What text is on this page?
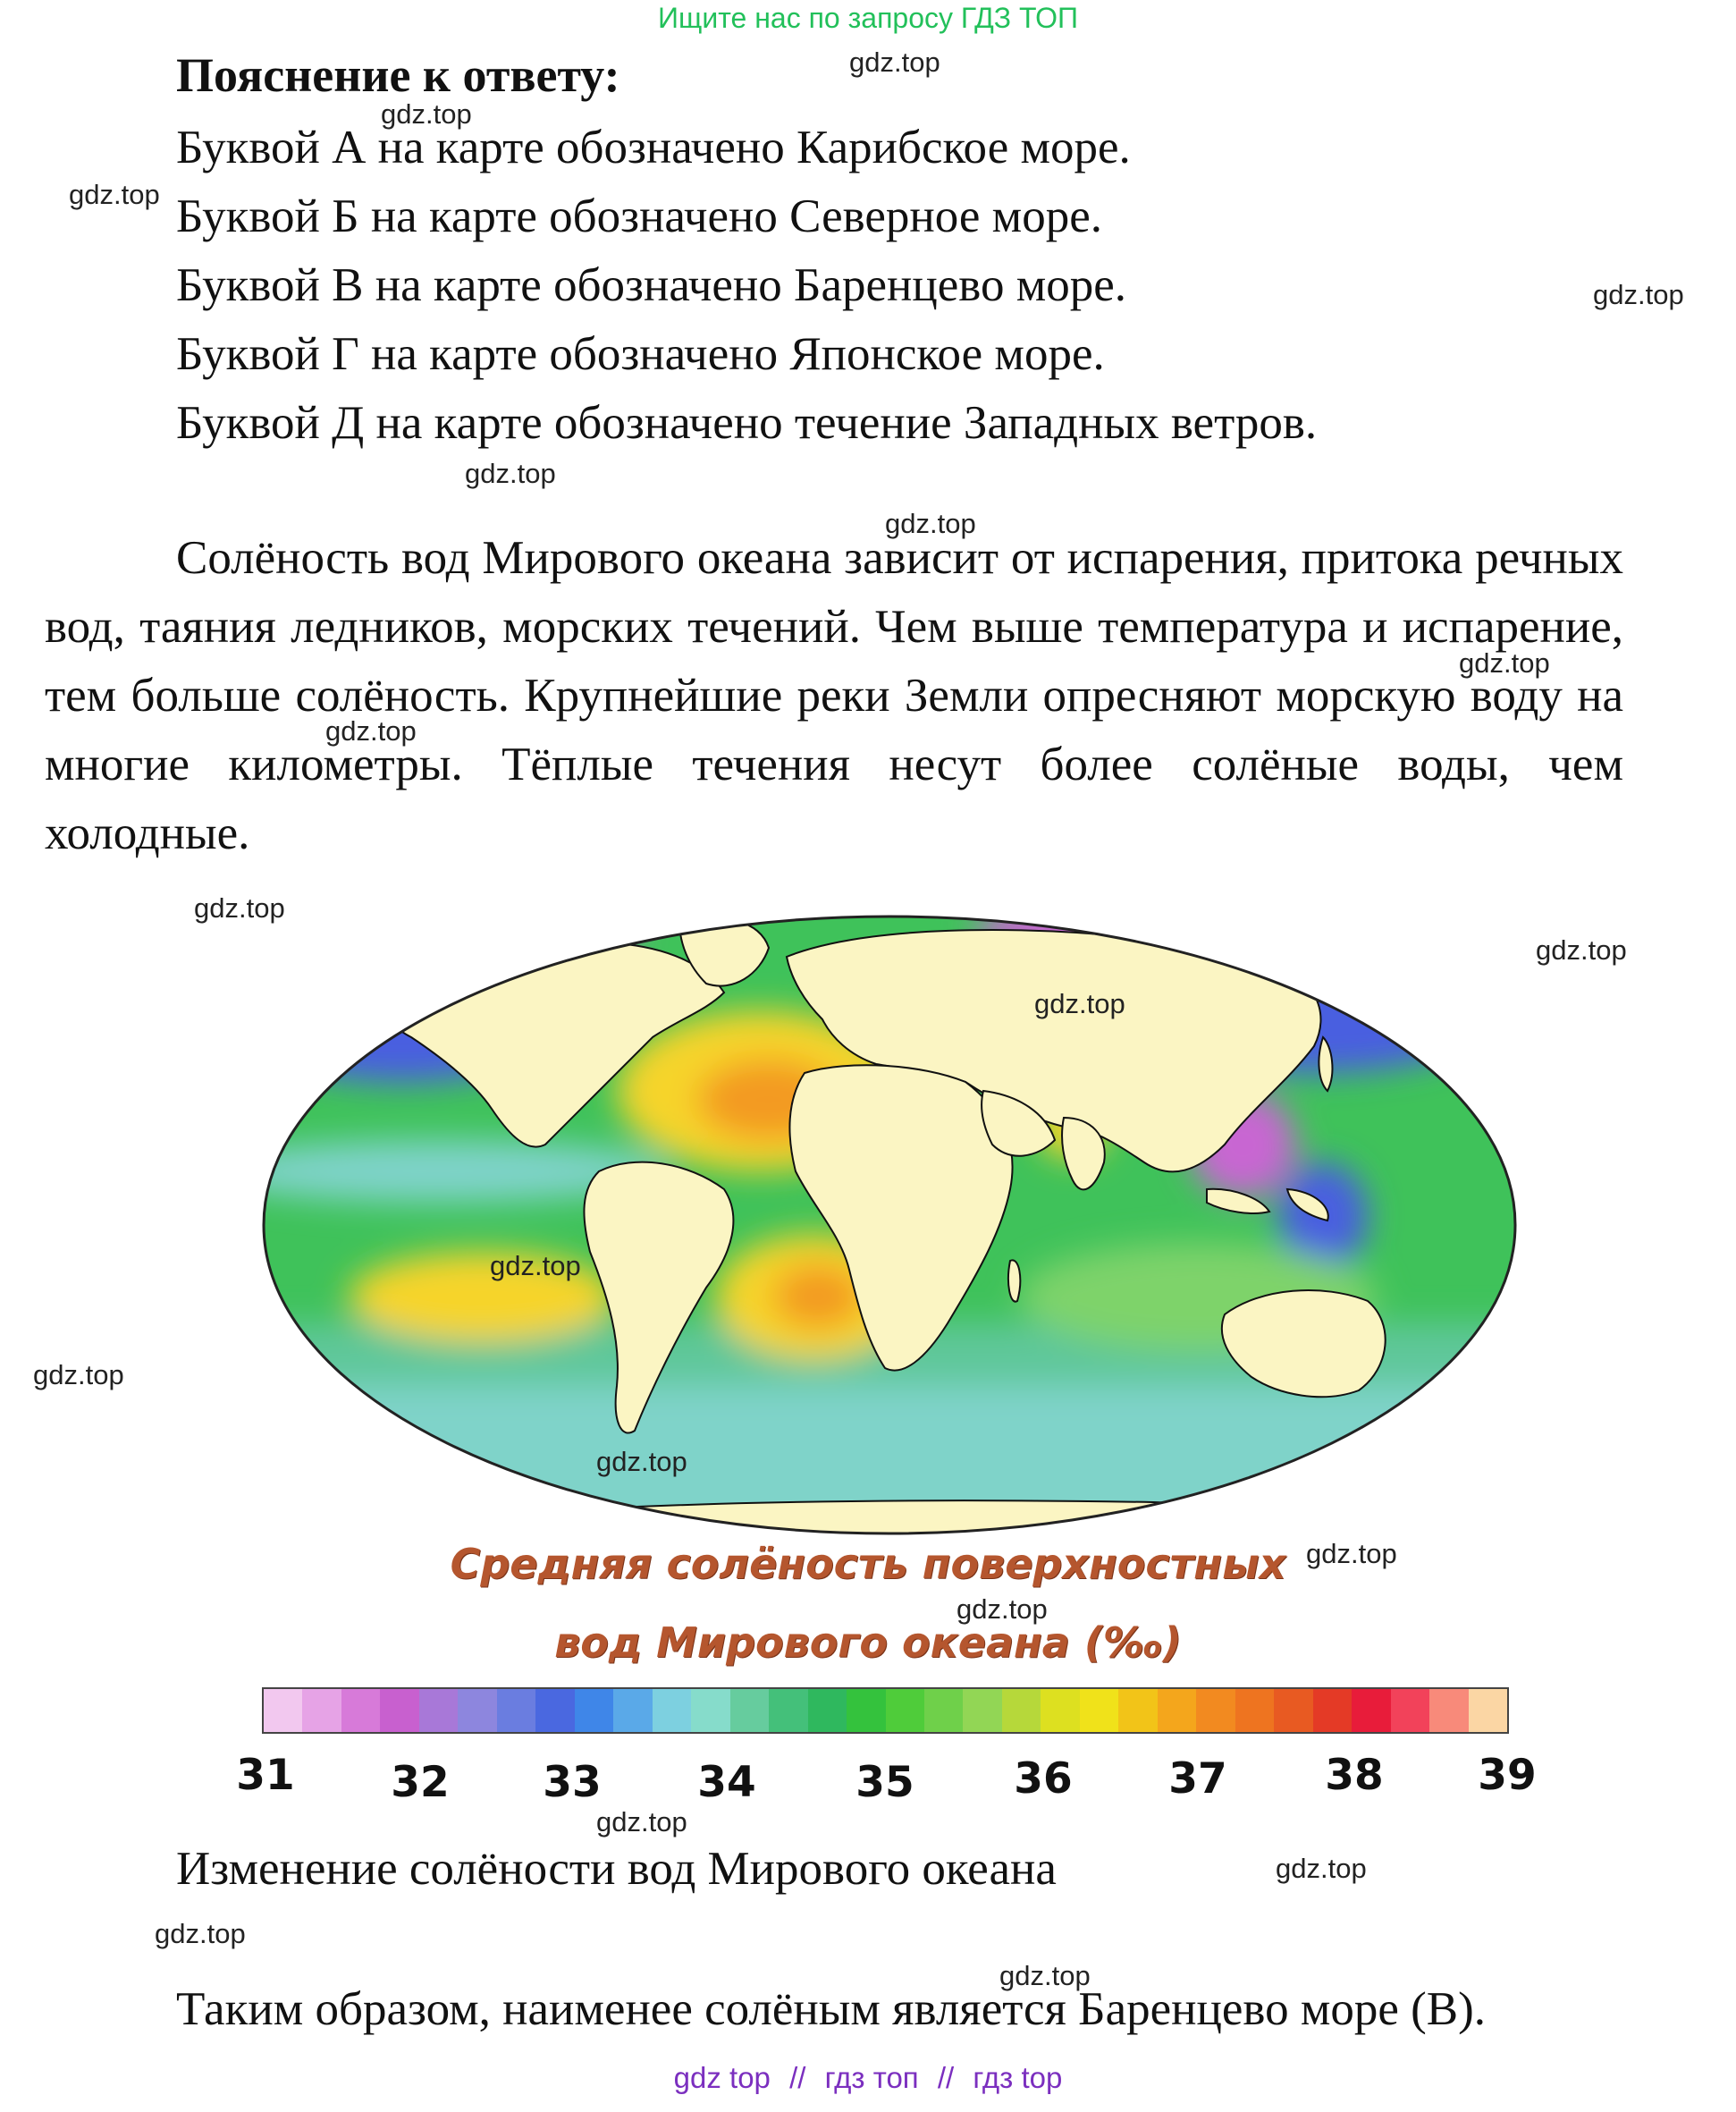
Ищите нас по запросу ГДЗ ТОП
Пояснение к ответу:
Буквой А на карте обозначено Карибское море.
Буквой Б на карте обозначено Северное море.
Буквой В на карте обозначено Баренцево море.
Буквой Г на карте обозначено Японское море.
Буквой Д на карте обозначено течение Западных ветров.

Солёность вод Мирового океана зависит от испарения, притока речных вод, таяния ледников, морских течений. Чем выше температура и испарение, тем больше солёность. Крупнейшие реки Земли опресняют морскую воду на многие километры. Тёплые течения несут более солёные воды, чем холодные.

Средняя солёность поверхностных
вод Мирового океана (‰)
31 32 33 34 35 36 37 38 39
Изменение солёности вод Мирового океана
Таким образом, наименее солёным является Баренцево море (В).
gdz top // гдз топ // гдз top
gdz.top
gdz.top
gdz.top
gdz.top
gdz.top
gdz.top
gdz.top
gdz.top
gdz.top
gdz.top
gdz.top
gdz.top
gdz.top
gdz.top
gdz.top
gdz.top
gdz.top
gdz.top
gdz.top
gdz.top
